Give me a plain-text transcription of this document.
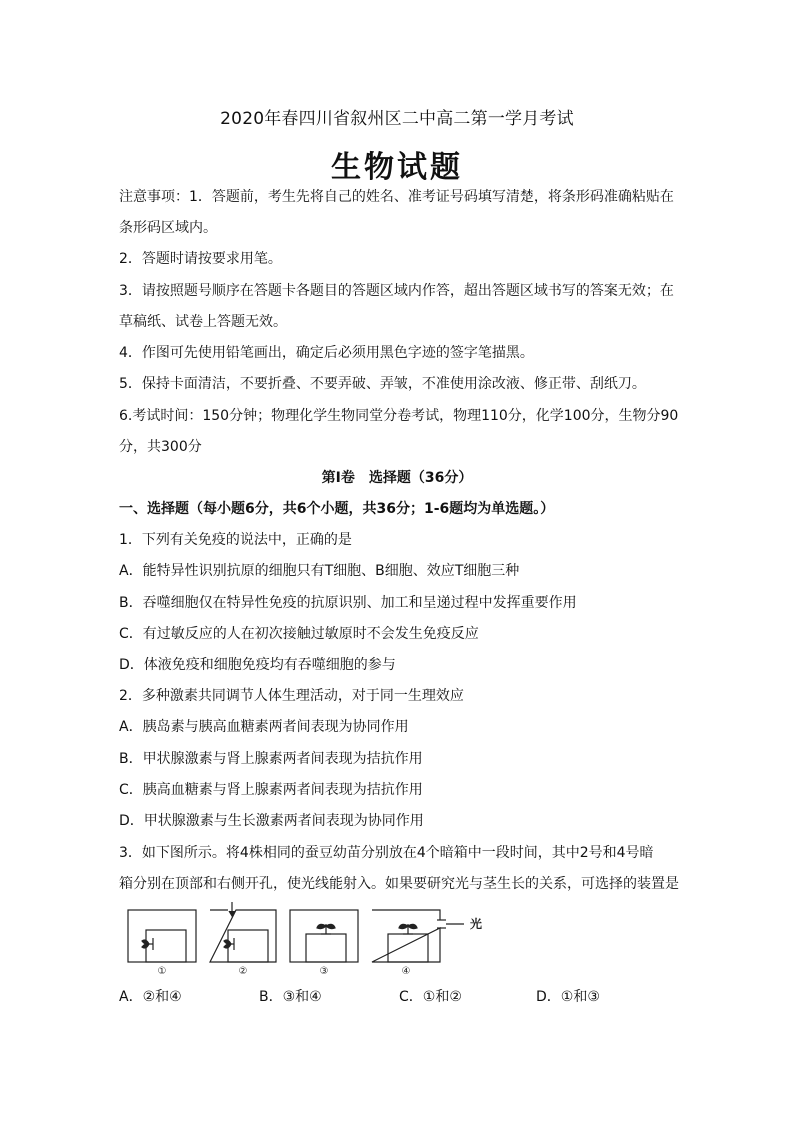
2020年春四川省叙州区二中高二第一学月考试
生物试题
注意事项：1．答题前，考生先将自己的姓名、准考证号码填写清楚，将条形码准确粘贴在
条形码区域内。
2．答题时请按要求用笔。
3．请按照题号顺序在答题卡各题目的答题区域内作答，超出答题区域书写的答案无效；在
草稿纸、试卷上答题无效。
4．作图可先使用铅笔画出，确定后必须用黑色字迹的签字笔描黑。
5．保持卡面清洁，不要折叠、不要弄破、弄皱，不准使用涂改液、修正带、刮纸刀。
6.考试时间：150分钟；物理化学生物同堂分卷考试，物理110分，化学100分，生物分90
分，共300分
第Ⅰ卷　选择题（36分）
一、选择题（每小题6分，共6个小题，共36分；1-6题均为单选题。）
1．下列有关免疫的说法中，正确的是
A．能特异性识别抗原的细胞只有T细胞、B细胞、效应T细胞三种
B．吞噬细胞仅在特异性免疫的抗原识别、加工和呈递过程中发挥重要作用
C．有过敏反应的人在初次接触过敏原时不会发生免疫反应
D．体液免疫和细胞免疫均有吞噬细胞的参与
2．多种激素共同调节人体生理活动，对于同一生理效应
A．胰岛素与胰高血糖素两者间表现为协同作用
B．甲状腺激素与肾上腺素两者间表现为拮抗作用
C．胰高血糖素与肾上腺素两者间表现为拮抗作用
D．甲状腺激素与生长激素两者间表现为协同作用
3．如下图所示。将4株相同的蚕豆幼苗分别放在4个暗箱中一段时间，其中2号和4号暗
箱分别在顶部和右侧开孔，使光线能射入。如果要研究光与茎生长的关系，可选择的装置是
①	②	③	④
光
A．②和④	B．③和④	C．①和②	D．①和③
